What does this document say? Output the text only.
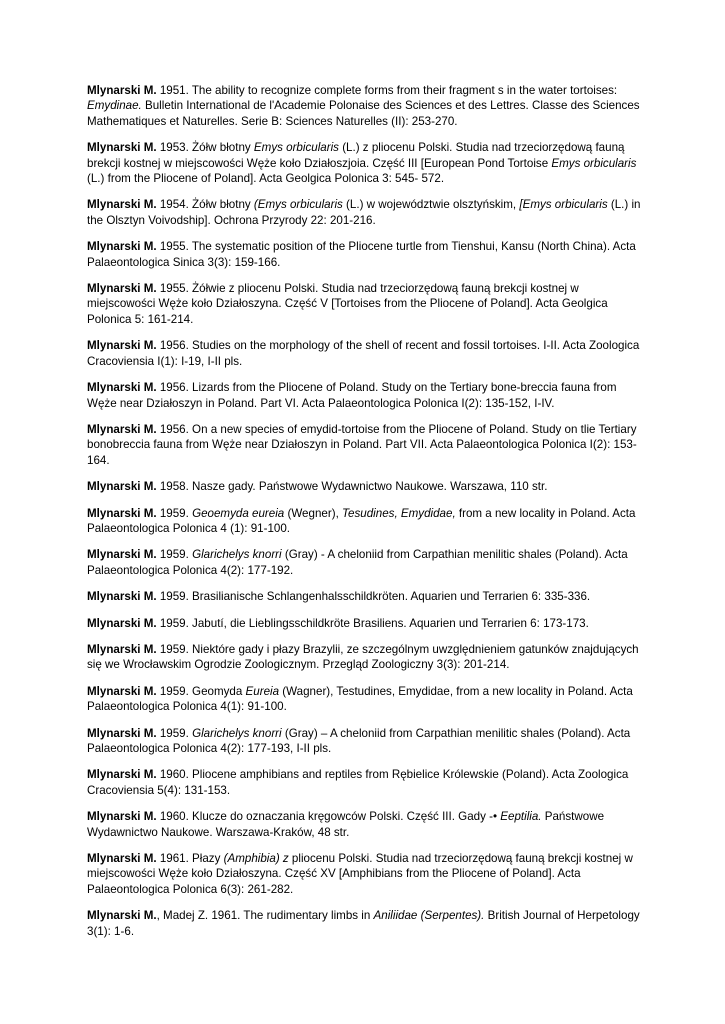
Mlynarski M. 1951. The ability to recognize complete forms from their fragment s in the water tortoises: Emydinae. Bulletin International de l'Academie Polonaise des Sciences et des Lettres. Classe des Sciences Mathematiques et Naturelles. Serie B: Sciences Naturelles (II): 253-270.

Mlynarski M. 1953. Żółw błotny Emys orbicularis (L.) z pliocenu Polski. Studia nad trzeciorzędową fauną brekcji kostnej w miejscowości Węże koło Działoszjoia. Część III [European Pond Tortoise Emys orbicularis (L.) from the Pliocene of Poland]. Acta Geolgica Polonica 3: 545- 572.

Mlynarski M. 1954. Żółw błotny (Emys orbicularis (L.) w województwie olsztyńskim, [Emys orbicularis (L.) in the Olsztyn Voivodship]. Ochrona Przyrody 22: 201-216.

Mlynarski M. 1955. The systematic position of the Pliocene turtle from Tienshui, Kansu (North China). Acta Palaeontologica Sinica 3(3): 159-166.

Mlynarski M. 1955. Żółwie z pliocenu Polski. Studia nad trzeciorzędową fauną brekcji kostnej w miejscowości Węże koło Działoszyna. Część V [Tortoises from the Pliocene of Poland]. Acta Geolgica Polonica 5: 161-214.

Mlynarski M. 1956. Studies on the morphology of the shell of recent and fossil tortoises. I-II. Acta Zoologica Cracoviensia I(1): I-19, I-II pls.

Mlynarski M. 1956. Lizards from the Pliocene of Poland. Study on the Tertiary bone-breccia fauna from Węże near Działoszyn in Poland. Part VI. Acta Palaeontologica Polonica I(2): 135-152, I-IV.

Mlynarski M. 1956. On a new species of emydid-tortoise from the Pliocene of Poland. Study on tlie Tertiary bonobreccia fauna from Węże near Działoszyn in Poland. Part VII. Acta Palaeontologica Polonica I(2): 153-164.

Mlynarski M. 1958. Nasze gady. Państwowe Wydawnictwo Naukowe. Warszawa, 110 str.

Mlynarski M. 1959. Geoemyda eureia (Wegner), Tesudines, Emydidae, from a new locality in Poland. Acta Palaeontologica Polonica 4 (1): 91-100.

Mlynarski M. 1959. Glarichelys knorri (Gray) - A cheloniid from Carpathian menilitic shales (Poland). Acta Palaeontologica Polonica 4(2): 177-192.

Mlynarski M. 1959. Brasilianische Schlangenhalsschildkröten. Aquarien und Terrarien 6: 335-336.

Mlynarski M. 1959. Jabutí, die Lieblingsschildkröte Brasiliens. Aquarien und Terrarien 6: 173-173.

Mlynarski M. 1959. Niektóre gady i płazy Brazylii, ze szczególnym uwzględnieniem gatunków znajdujących się we Wrocławskim Ogrodzie Zoologicznym. Przegląd Zoologiczny 3(3): 201-214.

Mlynarski M. 1959. Geomyda Eureia (Wagner), Testudines, Emydidae, from a new locality in Poland. Acta Palaeontologica Polonica 4(1): 91-100.

Mlynarski M. 1959. Glarichelys knorri (Gray) – A cheloniid from Carpathian menilitic shales (Poland). Acta Palaeontologica Polonica 4(2): 177-193, I-II pls.

Mlynarski M. 1960. Pliocene amphibians and reptiles from Rębielice Królewskie (Poland). Acta Zoologica Cracoviensia 5(4): 131-153.

Mlynarski M. 1960. Klucze do oznaczania kręgowców Polski. Część III. Gady -• Eeptilia. Państwowe Wydawnictwo Naukowe. Warszawa-Kraków, 48 str.

Mlynarski M. 1961. Płazy (Amphibia) z pliocenu Polski. Studia nad trzeciorzędową fauną brekcji kostnej w miejscowości Węże koło Działoszyna. Część XV [Amphibians from the Pliocene of Poland]. Acta Palaeontologica Polonica 6(3): 261-282.

Mlynarski M., Madej Z. 1961. The rudimentary limbs in Aniliidae (Serpentes). British Journal of Herpetology 3(1): 1-6.
